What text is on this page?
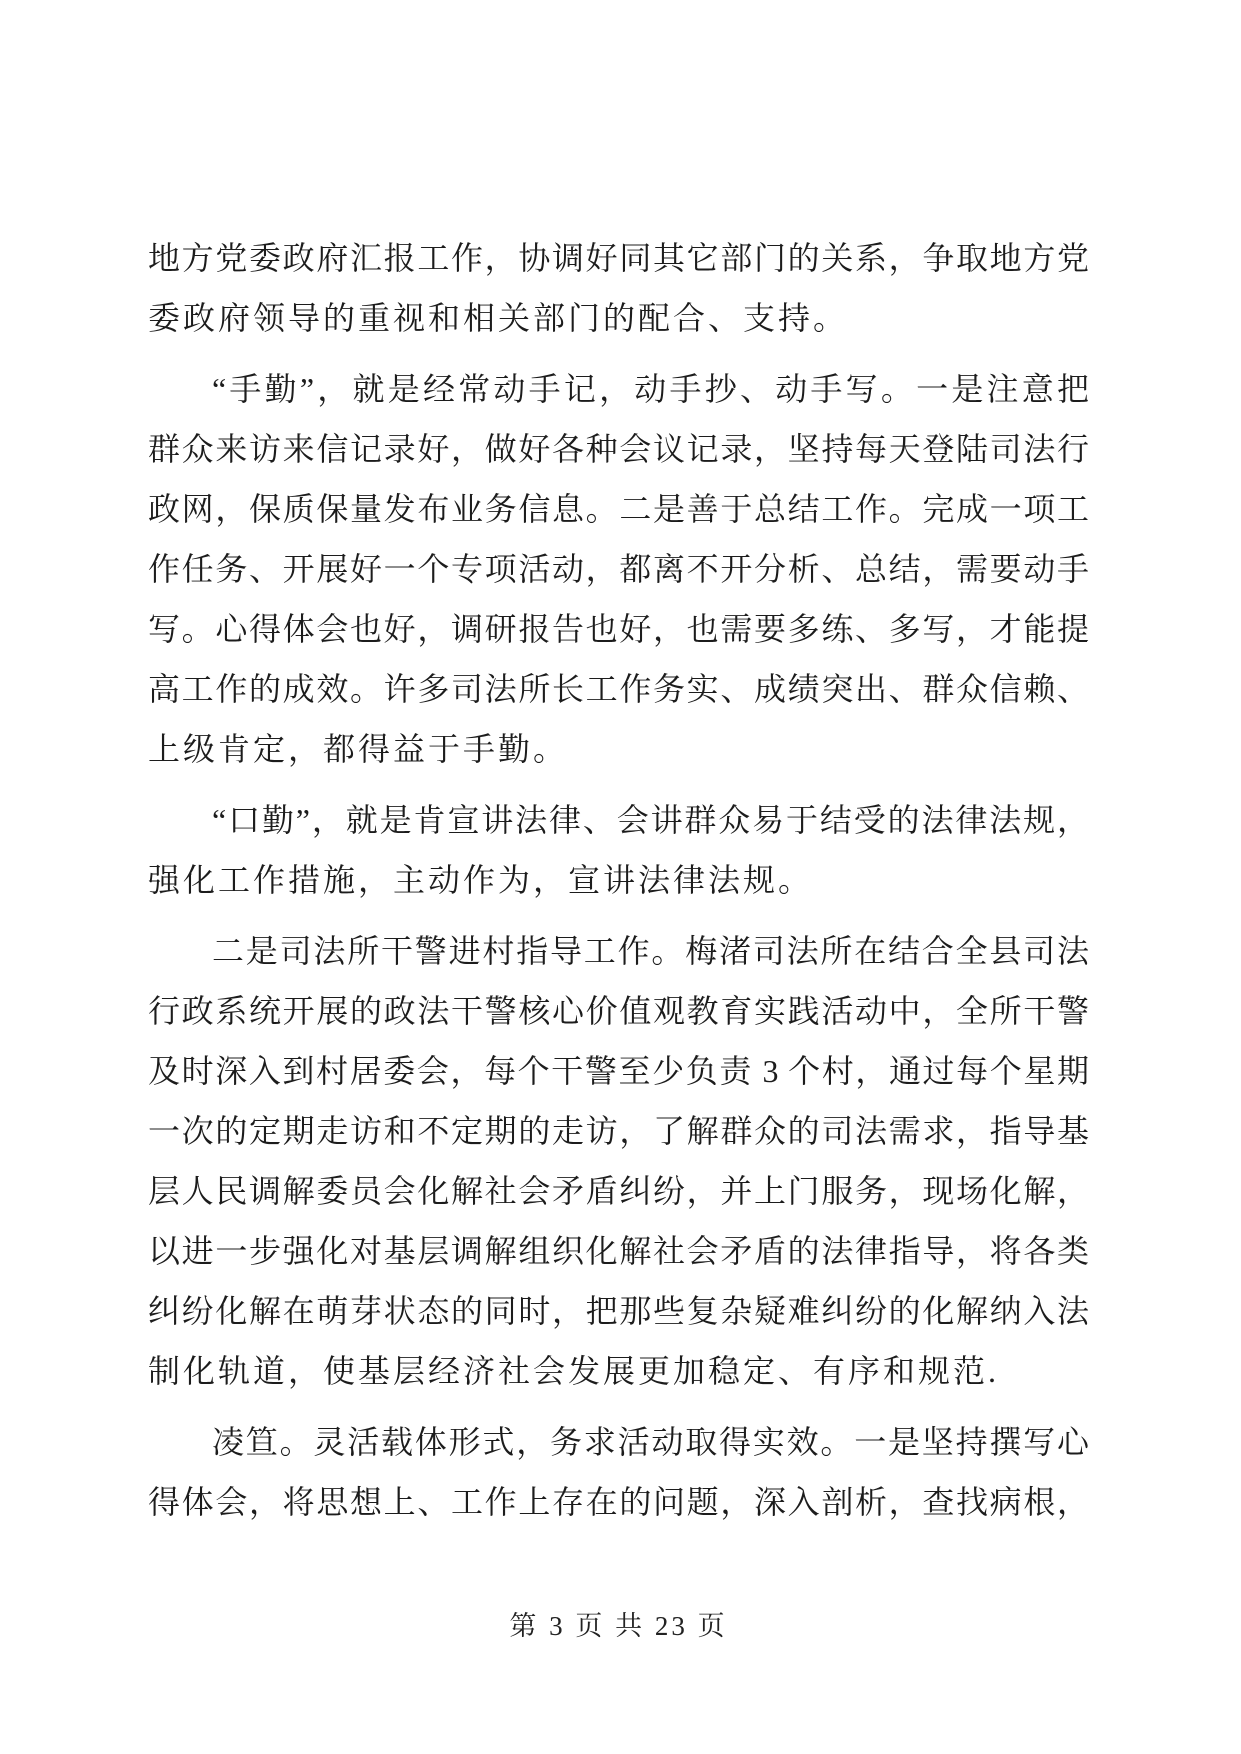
地方党委政府汇报工作，协调好同其它部门的关系，争取地方党
委政府领导的重视和相关部门的配合、支持。
“手勤”，就是经常动手记，动手抄、动手写。一是注意把
群众来访来信记录好，做好各种会议记录，坚持每天登陆司法行
政网，保质保量发布业务信息。二是善于总结工作。完成一项工
作任务、开展好一个专项活动，都离不开分析、总结，需要动手
写。心得体会也好，调研报告也好，也需要多练、多写，才能提
高工作的成效。许多司法所长工作务实、成绩突出、群众信赖、
上级肯定，都得益于手勤。
“口勤”，就是肯宣讲法律、会讲群众易于结受的法律法规，
强化工作措施，主动作为，宣讲法律法规。
二是司法所干警进村指导工作。梅渚司法所在结合全县司法
行政系统开展的政法干警核心价值观教育实践活动中，全所干警
及时深入到村居委会，每个干警至少负责 3 个村，通过每个星期
一次的定期走访和不定期的走访，了解群众的司法需求，指导基
层人民调解委员会化解社会矛盾纠纷，并上门服务，现场化解，
以进一步强化对基层调解组织化解社会矛盾的法律指导，将各类
纠纷化解在萌芽状态的同时，把那些复杂疑难纠纷的化解纳入法
制化轨道，使基层经济社会发展更加稳定、有序和规范.
凌笪。灵活载体形式，务求活动取得实效。一是坚持撰写心
得体会，将思想上、工作上存在的问题，深入剖析，查找病根，
第 3 页 共 23 页
